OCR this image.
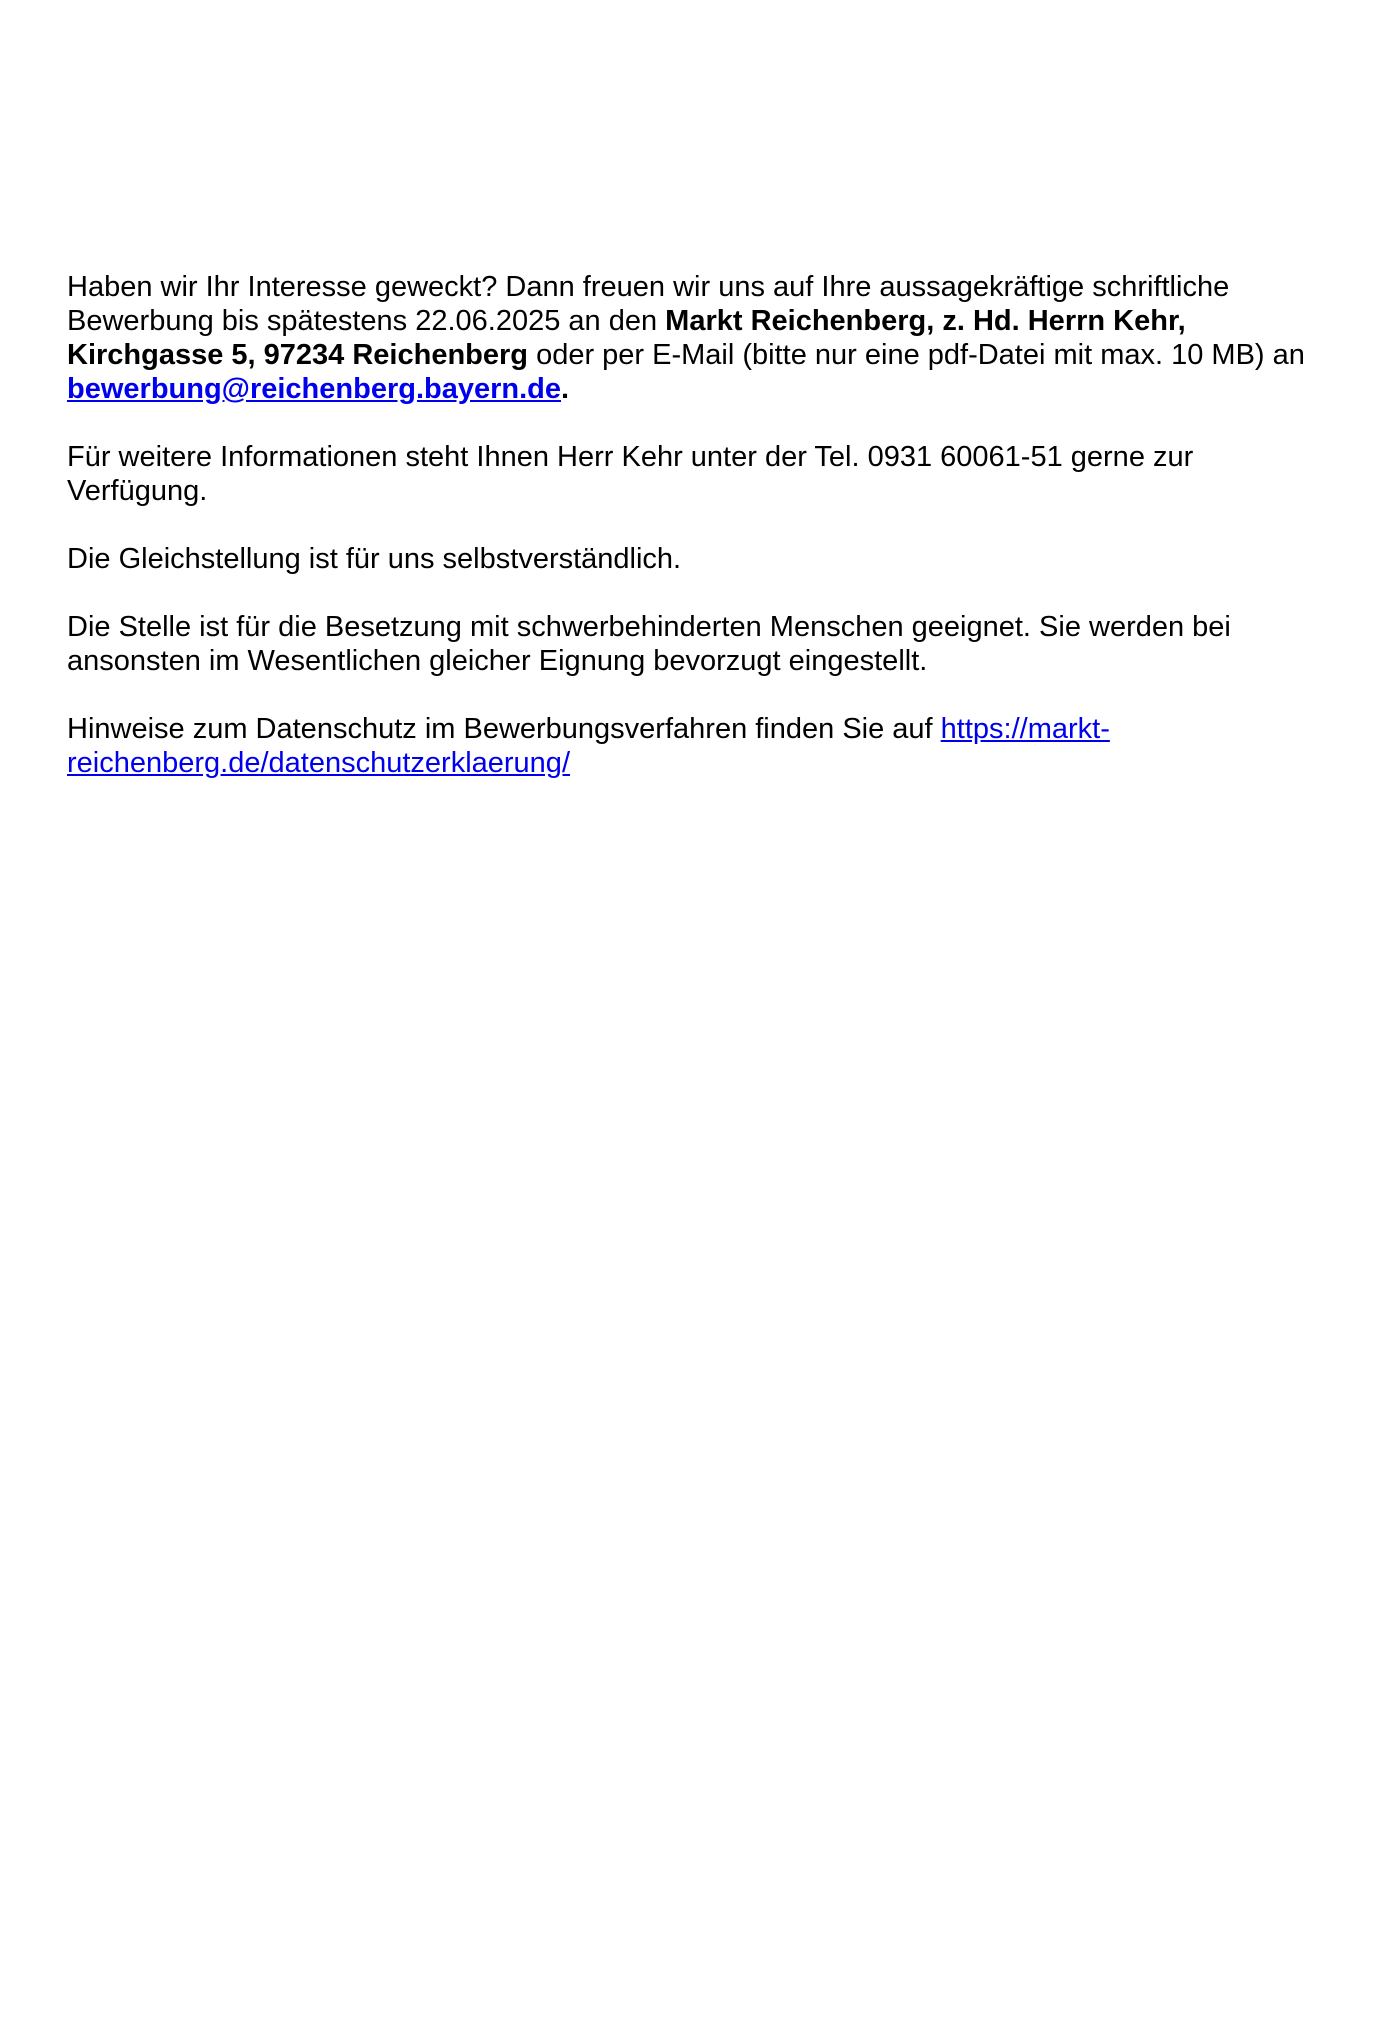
Haben wir Ihr Interesse geweckt? Dann freuen wir uns auf Ihre aussagekräftige schriftliche
Bewerbung bis spätestens 22.06.2025 an den Markt Reichenberg, z. Hd. Herrn Kehr,
Kirchgasse 5, 97234 Reichenberg oder per E-Mail (bitte nur eine pdf-Datei mit max. 10 MB) an
bewerbung@reichenberg.bayern.de.

Für weitere Informationen steht Ihnen Herr Kehr unter der Tel. 0931 60061-51 gerne zur
Verfügung.

Die Gleichstellung ist für uns selbstverständlich.

Die Stelle ist für die Besetzung mit schwerbehinderten Menschen geeignet. Sie werden bei
ansonsten im Wesentlichen gleicher Eignung bevorzugt eingestellt.

Hinweise zum Datenschutz im Bewerbungsverfahren finden Sie auf https://markt-
reichenberg.de/datenschutzerklaerung/
